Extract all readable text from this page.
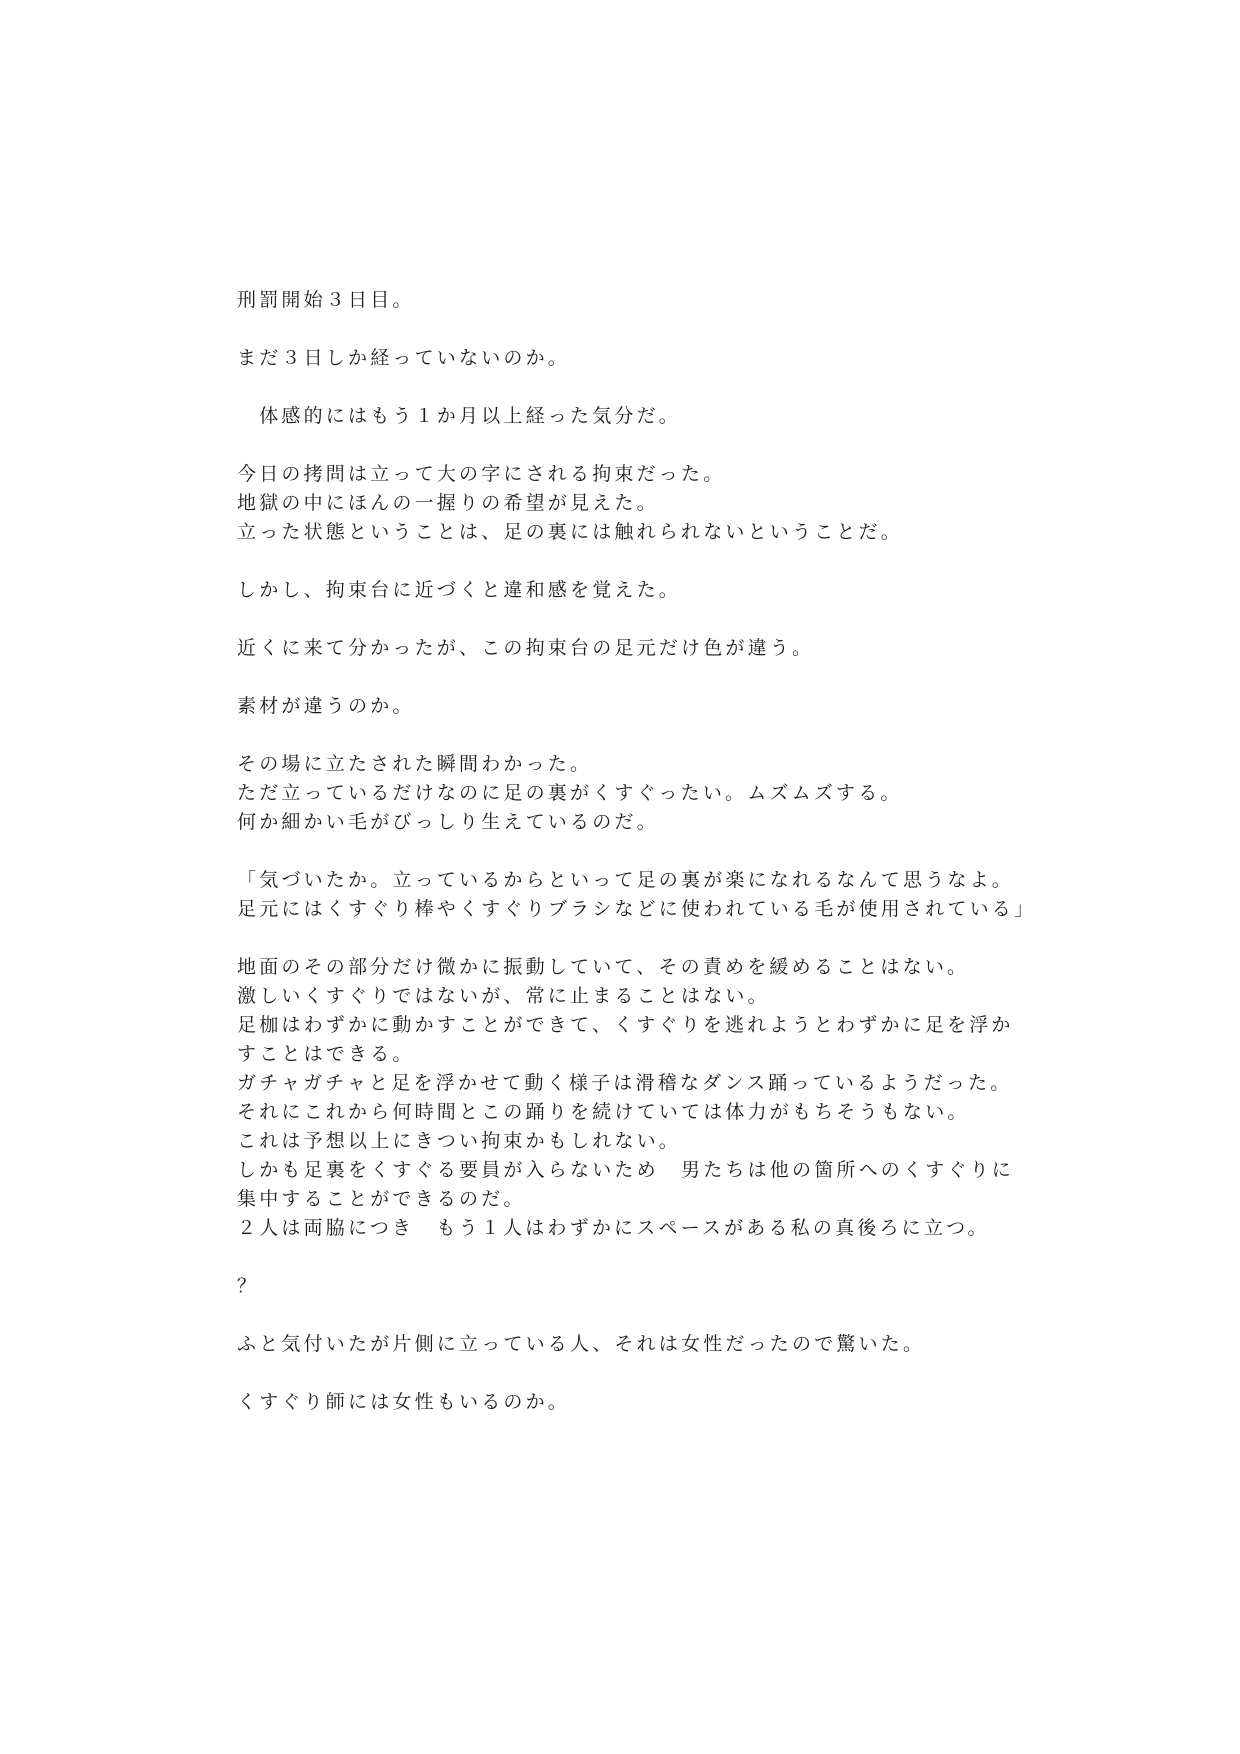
刑罰開始３日目。
まだ３日しか経っていないのか。
　体感的にはもう１か月以上経った気分だ。
今日の拷問は立って大の字にされる拘束だった。
地獄の中にほんの一握りの希望が見えた。
立った状態ということは、足の裏には触れられないということだ。
しかし、拘束台に近づくと違和感を覚えた。
近くに来て分かったが、この拘束台の足元だけ色が違う。
素材が違うのか。
その場に立たされた瞬間わかった。
ただ立っているだけなのに足の裏がくすぐったい。ムズムズする。
何か細かい毛がびっしり生えているのだ。
「気づいたか。立っているからといって足の裏が楽になれるなんて思うなよ。
足元にはくすぐり棒やくすぐりブラシなどに使われている毛が使用されている」
地面のその部分だけ微かに振動していて、その責めを緩めることはない。
激しいくすぐりではないが、常に止まることはない。
足枷はわずかに動かすことができて、くすぐりを逃れようとわずかに足を浮か
すことはできる。
ガチャガチャと足を浮かせて動く様子は滑稽なダンス踊っているようだった。
それにこれから何時間とこの踊りを続けていては体力がもちそうもない。
これは予想以上にきつい拘束かもしれない。
しかも足裏をくすぐる要員が入らないため　男たちは他の箇所へのくすぐりに
集中することができるのだ。
２人は両脇につき　もう１人はわずかにスペースがある私の真後ろに立つ。
？
ふと気付いたが片側に立っている人、それは女性だったので驚いた。
くすぐり師には女性もいるのか。
